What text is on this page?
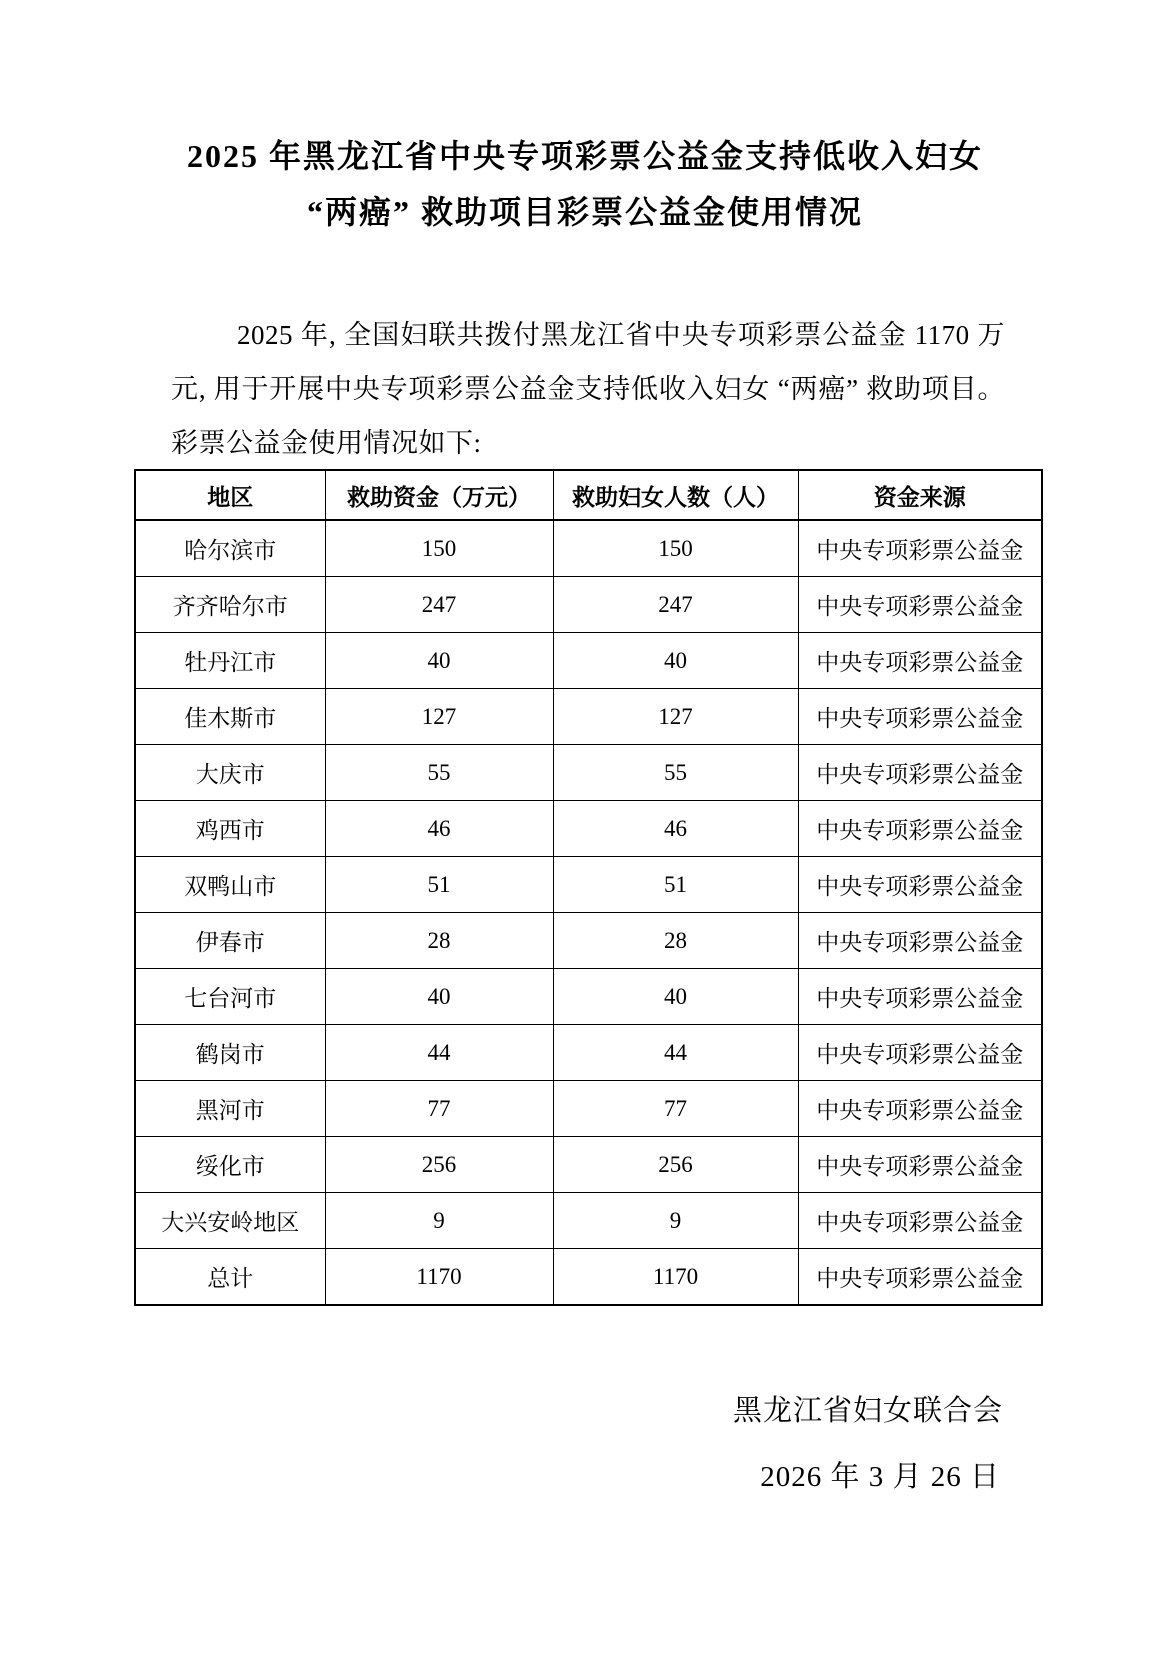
2025 年黑龙江省中央专项彩票公益金支持低收入妇女
“两癌” 救助项目彩票公益金使用情况
2025 年, 全国妇联共拨付黑龙江省中央专项彩票公益金 1170 万元, 用于开展中央专项彩票公益金支持低收入妇女 “两癌” 救助项目。彩票公益金使用情况如下:
地区	救助资金（万元）	救助妇女人数（人）	资金来源
哈尔滨市	150	150	中央专项彩票公益金
齐齐哈尔市	247	247	中央专项彩票公益金
牡丹江市	40	40	中央专项彩票公益金
佳木斯市	127	127	中央专项彩票公益金
大庆市	55	55	中央专项彩票公益金
鸡西市	46	46	中央专项彩票公益金
双鸭山市	51	51	中央专项彩票公益金
伊春市	28	28	中央专项彩票公益金
七台河市	40	40	中央专项彩票公益金
鹤岗市	44	44	中央专项彩票公益金
黑河市	77	77	中央专项彩票公益金
绥化市	256	256	中央专项彩票公益金
大兴安岭地区	9	9	中央专项彩票公益金
总计	1170	1170	中央专项彩票公益金
黑龙江省妇女联合会
2026 年 3 月 26 日
